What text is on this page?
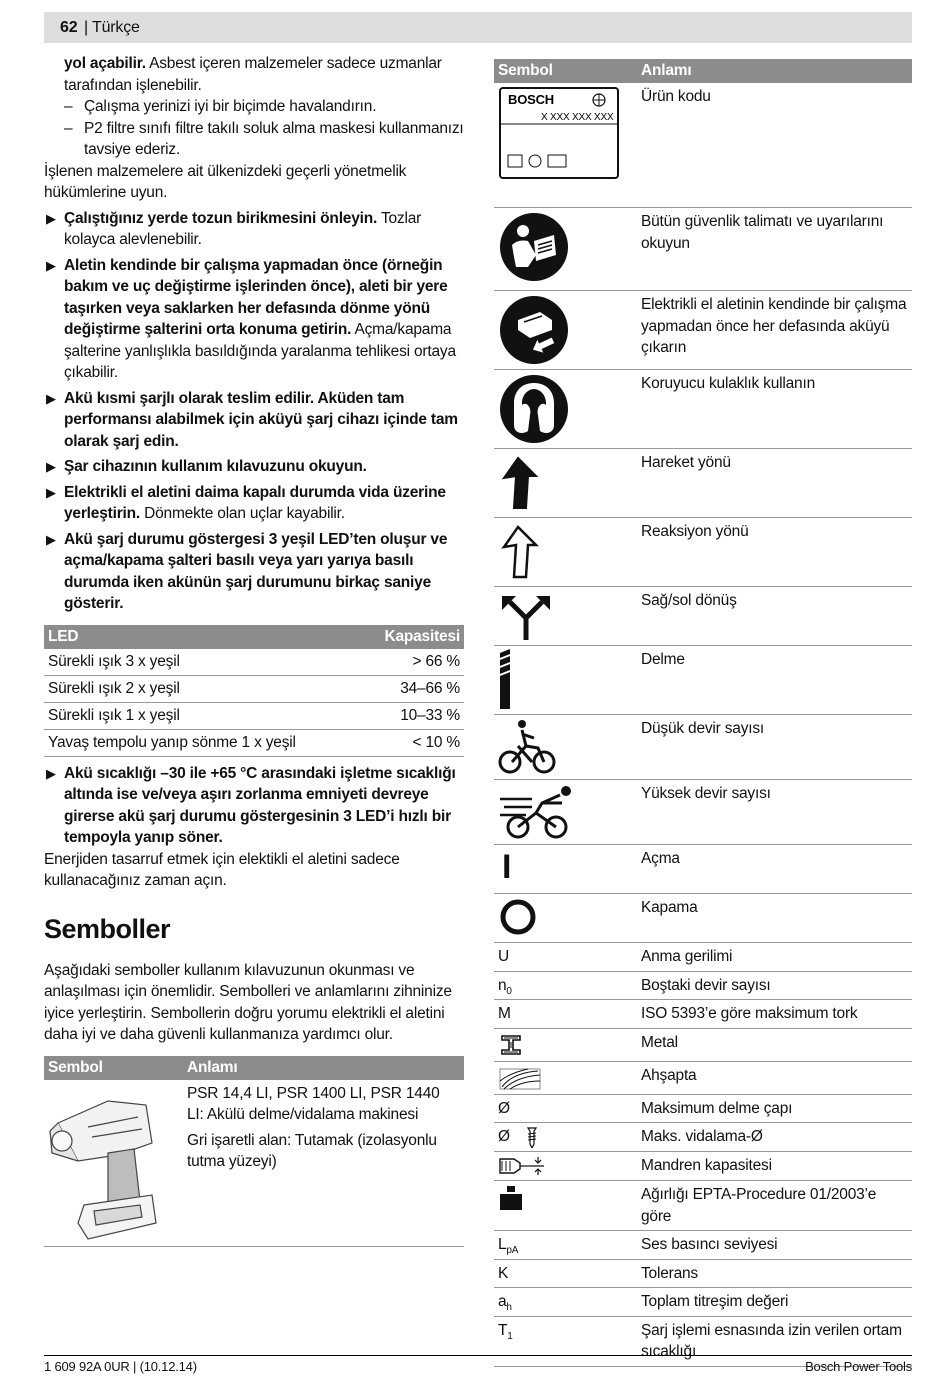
62 | Türkçe

yol açabilir. Asbest içeren malzemeler sadece uzmanlar tarafından işlenebilir.

– Çalışma yerinizi iyi bir biçimde havalandırın.

– P2 filtre sınıfı filtre takılı soluk alma maskesi kullanmanızı tavsiye ederiz.

İşlenen malzemelere ait ülkenizdeki geçerli yönetmelik hükümlerine uyun.

▶ Çalıştığınız yerde tozun birikmesini önleyin. Tozlar kolayca alevlenebilir.

▶ Aletin kendinde bir çalışma yapmadan önce (örneğin bakım ve uç değiştirme işlerinden önce), aleti bir yere taşırken veya saklarken her defasında dönme yönü değiştirme şalterini orta konuma getirin. Açma/kapama şalterine yanlışlıkla basıldığında yaralanma tehlikesi ortaya çıkabilir.

▶ Akü kısmi şarjlı olarak teslim edilir. Aküden tam performansı alabilmek için aküyü şarj cihazı içinde tam olarak şarj edin.

▶ Şar cihazının kullanım kılavuzunu okuyun.

▶ Elektrikli el aletini daima kapalı durumda vida üzerine yerleştirin. Dönmekte olan uçlar kayabilir.

▶ Akü şarj durumu göstergesi 3 yeşil LED’ten oluşur ve açma/kapama şalteri basılı veya yarı yarıya basılı durumda iken akünün şarj durumunu birkaç saniye gösterir.

LED	Kapasitesi
Sürekli ışık 3 x yeşil	> 66 %
Sürekli ışık 2 x yeşil	34–66 %
Sürekli ışık 1 x yeşil	10–33 %
Yavaş tempolu yanıp sönme 1 x yeşil	< 10 %

▶ Akü sıcaklığı –30 ile +65 °C arasındaki işletme sıcaklığı altında ise ve/veya aşırı zorlanma emniyeti devreye girerse akü şarj durumu göstergesinin 3 LED’i hızlı bir tempoyla yanıp söner.

Enerjiden tasarruf etmek için elektikli el aletini sadece kullanacağınız zaman açın.

Semboller

Aşağıdaki semboller kullanım kılavuzunun okunması ve anlaşılması için önemlidir. Sembolleri ve anlamlarını zihninize iyice yerleştirin. Sembollerin doğru yorumu elektrikli el aletini daha iyi ve daha güvenli kullanmanıza yardımcı olur.

Sembol	Anlamı

PSR 14,4 LI, PSR 1400 LI, PSR 1440 LI: Akülü delme/vidalama makinesi

Gri işaretli alan: Tutamak (izolasyonlu tutma yüzeyi)

Sembol	Anlamı

BOSCH
X XXX XXX XXX	Ürün kodu

	Bütün güvenlik talimatı ve uyarılarını okuyun

	Elektrikli el aletinin kendinde bir çalışma yapmadan önce her defasında aküyü çıkarın

	Koruyucu kulaklık kullanın

	Hareket yönü

	Reaksiyon yönü

	Sağ/sol dönüş

	Delme

	Düşük devir sayısı

	Yüksek devir sayısı
I	Açma

	Kapama
U	Anma gerilimi
$n_0$	Boştaki devir sayısı
M	ISO 5393’e göre maksimum tork

	Metal

	Ahşapta
Ø	Maksimum delme çapı
Ø	Maks. vidalama-Ø

	Mandren kapasitesi

	Ağırlığı EPTA-Procedure 01/2003’e göre
$L_{pA}$	Ses basıncı seviyesi
K	Tolerans
$a_h$	Toplam titreşim değeri
$T_1$	Şarj işlemi esnasında izin verilen ortam sıcaklığı
1 609 92A 0UR | (10.12.14)	Bosch Power Tools
